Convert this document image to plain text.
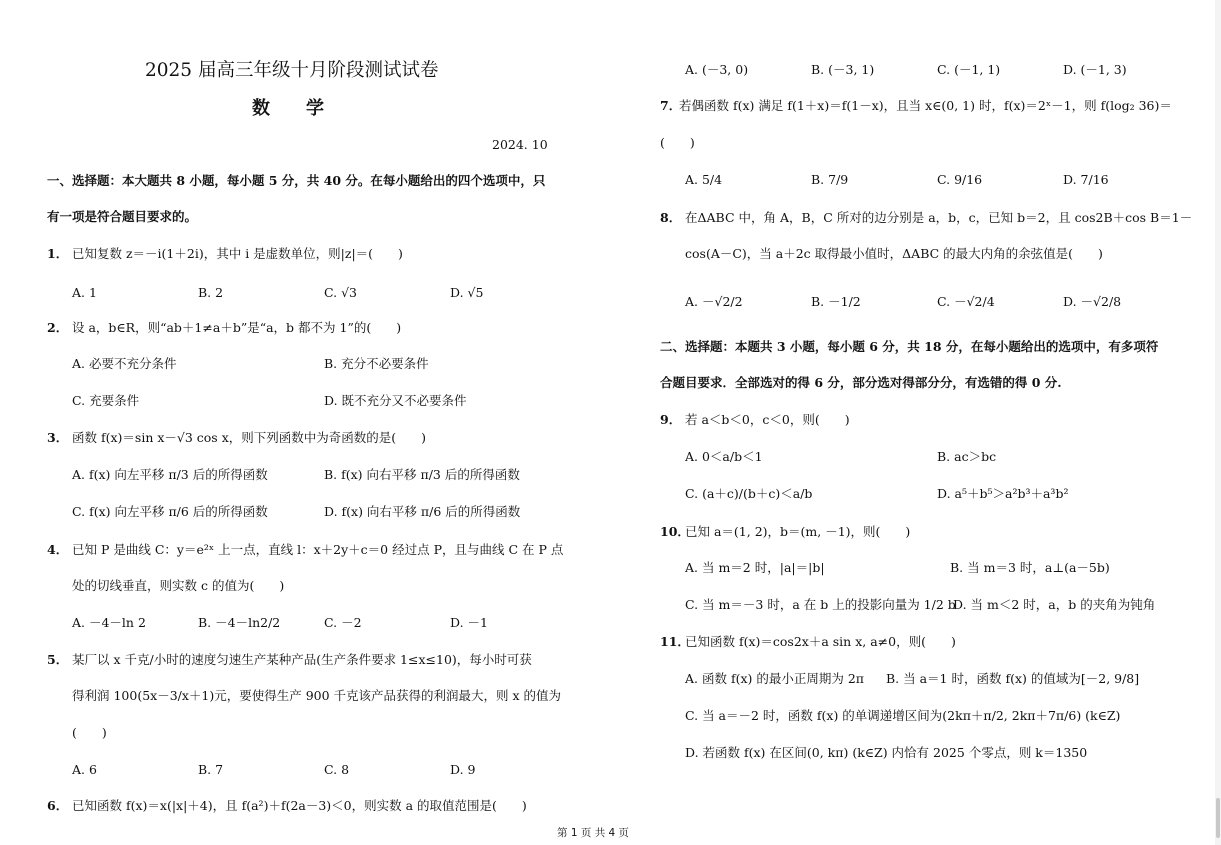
2025 届高三年级十月阶段测试试卷
数　　学
2024. 10
一、选择题：本大题共 8 小题，每小题 5 分，共 40 分。在每小题给出的四个选项中，只
有一项是符合题目要求的。
1． 已知复数 z＝－i(1＋2i)，其中 i 是虚数单位，则|z|＝(　　)
A. 1	B. 2	C. √3	D. √5
2． 设 a，b∈R，则“ab＋1≠a＋b”是“a，b 都不为 1”的(　　)
A. 必要不充分条件	B. 充分不必要条件
C. 充要条件	D. 既不充分又不必要条件
3． 函数 f(x)＝sin x－√3 cos x，则下列函数中为奇函数的是(　　)
A. f(x) 向左平移 π/3 后的所得函数	B. f(x) 向右平移 π/3 后的所得函数
C. f(x) 向左平移 π/6 后的所得函数	D. f(x) 向右平移 π/6 后的所得函数
4． 已知 P 是曲线 C：y＝e²ˣ 上一点，直线 l：x＋2y＋c＝0 经过点 P，且与曲线 C 在 P 点
处的切线垂直，则实数 c 的值为(　　)
A. －4－ln 2	B. －4－ln2/2	C. －2	D. －1
5． 某厂以 x 千克/小时的速度匀速生产某种产品(生产条件要求 1≤x≤10)，每小时可获
得利润 100(5x－3/x＋1)元，要使得生产 900 千克该产品获得的利润最大，则 x 的值为
(　　)
A. 6	B. 7	C. 8	D. 9
6． 已知函数 f(x)＝x(|x|＋4)，且 f(a²)＋f(2a－3)＜0，则实数 a 的取值范围是(　　)
A. (－3, 0)	B. (－3, 1)	C. (－1, 1)	D. (－1, 3)
7．
若偶函数 f(x) 满足 f(1＋x)＝f(1－x)，且当 x∈(0, 1) 时，f(x)＝2ˣ－1，则 f(log₂ 36)＝
(　　)
A. 5/4	B. 7/9	C. 9/16	D. 7/16
8． 在ΔABC 中，角 A，B，C 所对的边分别是 a，b，c，已知 b＝2，且 cos2B＋cos B＝1－
cos(A－C)，当 a＋2c 取得最小值时，ΔABC 的最大内角的余弦值是(　　)
A. －√2/2	B. －1/2	C. －√2/4	D. －√2/8
二、选择题：本题共 3 小题，每小题 6 分，共 18 分，在每小题给出的选项中，有多项符
合题目要求．全部选对的得 6 分，部分选对得部分分，有选错的得 0 分.
9． 若 a＜b＜0，c＜0，则(　　)
A. 0＜a/b＜1	B. ac＞bc
C. (a＋c)/(b＋c)＜a/b	D. a⁵＋b⁵＞a²b³＋a³b²
10．
已知 a＝(1, 2)，b＝(m, －1)，则(　　)
A. 当 m＝2 时，|a|＝|b|	B. 当 m＝3 时，a⊥(a－5b)
C. 当 m＝－3 时，a 在 b 上的投影向量为 1/2 b
D. 当 m＜2 时，a，b 的夹角为钝角
11．
已知函数 f(x)＝cos2x＋a sin x, a≠0，则(　　)
A. 函数 f(x) 的最小正周期为 2π B. 当 a＝1 时，函数 f(x) 的值域为[－2, 9/8]
C. 当 a＝－2 时，函数 f(x) 的单调递增区间为(2kπ＋π/2, 2kπ＋7π/6) (k∈Z)
D. 若函数 f(x) 在区间(0, kπ) (k∈Z) 内恰有 2025 个零点，则 k＝1350
第 1 页 共 4 页
